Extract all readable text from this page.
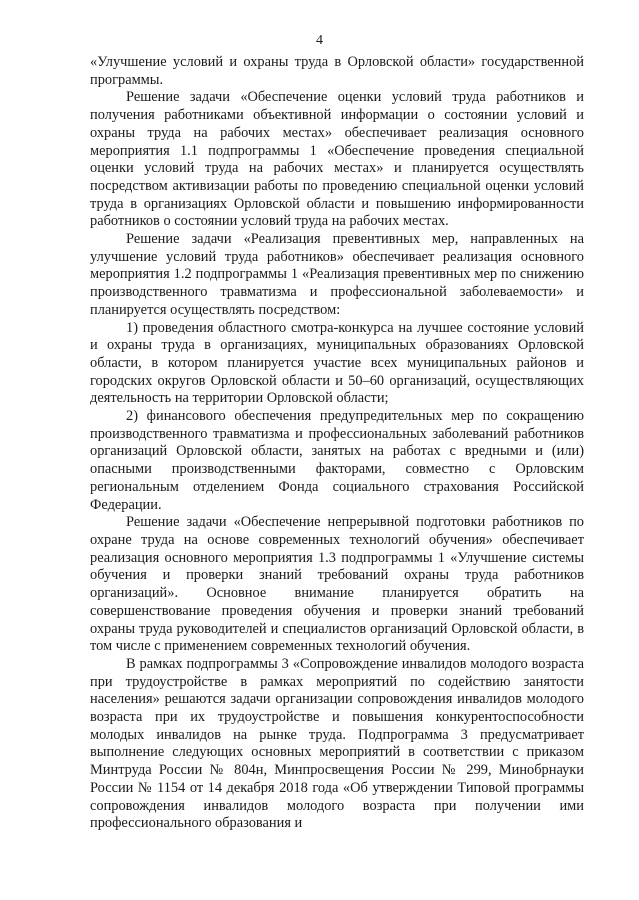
4

«Улучшение условий и охраны труда в Орловской области» государственной программы.

Решение задачи «Обеспечение оценки условий труда работников и получения работниками объективной информации о состоянии условий и охраны труда на рабочих местах» обеспечивает реализация основного мероприятия 1.1 подпрограммы 1 «Обеспечение проведения специальной оценки условий труда на рабочих местах» и планируется осуществлять посредством активизации работы по проведению специальной оценки условий труда в организациях Орловской области и повышению информированности работников о состоянии условий труда на рабочих местах.

Решение задачи «Реализация превентивных мер, направленных на улучшение условий труда работников» обеспечивает реализация основного мероприятия 1.2 подпрограммы 1 «Реализация превентивных мер по снижению производственного травматизма и профессиональной заболеваемости» и планируется осуществлять посредством:

1) проведения областного смотра-конкурса на лучшее состояние условий и охраны труда в организациях, муниципальных образованиях Орловской области, в котором планируется участие всех муниципальных районов и городских округов Орловской области и 50–60 организаций, осуществляющих деятельность на территории Орловской области;

2) финансового обеспечения предупредительных мер по сокращению производственного травматизма и профессиональных заболеваний работников организаций Орловской области, занятых на работах с вредными и (или) опасными производственными факторами, совместно с Орловским региональным отделением Фонда социального страхования Российской Федерации.

Решение задачи «Обеспечение непрерывной подготовки работников по охране труда на основе современных технологий обучения» обеспечивает реализация основного мероприятия 1.3 подпрограммы 1 «Улучшение системы обучения и проверки знаний требований охраны труда работников организаций». Основное внимание планируется обратить на совершенствование проведения обучения и проверки знаний требований охраны труда руководителей и специалистов организаций Орловской области, в том числе с применением современных технологий обучения.

В рамках подпрограммы 3 «Сопровождение инвалидов молодого возраста при трудоустройстве в рамках мероприятий по содействию занятости населения» решаются задачи организации сопровождения инвалидов молодого возраста при их трудоустройстве и повышения конкурентоспособности молодых инвалидов на рынке труда. Подпрограмма 3 предусматривает выполнение следующих основных мероприятий в соответствии с приказом Минтруда России № 804н, Минпросвещения России № 299, Минобрнауки России № 1154 от 14 декабря 2018 года «Об утверждении Типовой программы сопровождения инвалидов молодого возраста при получении ими профессионального образования и
